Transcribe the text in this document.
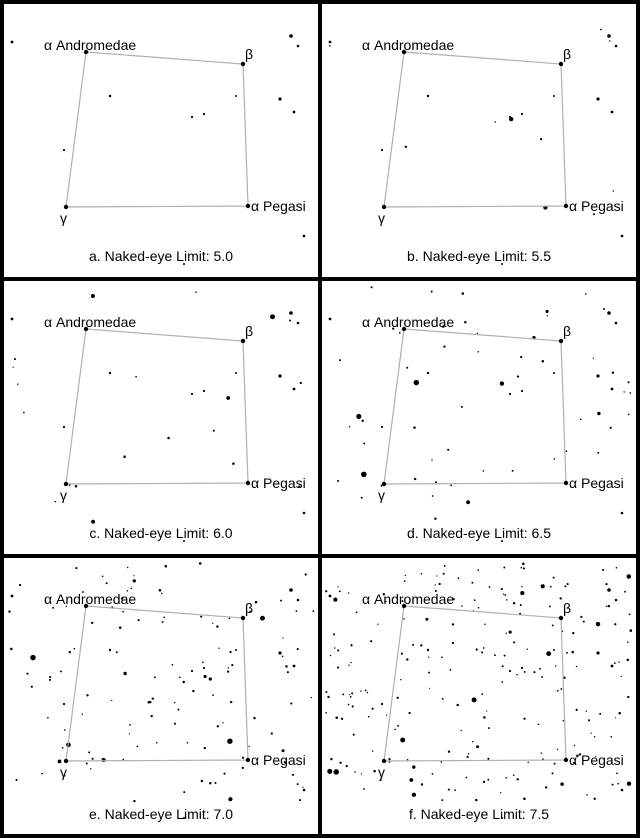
α Andromedae
β
α Pegasi
γ
a. Naked-eye Limit: 5.0
α Andromedae
β
α Pegasi
γ
b. Naked-eye Limit: 5.5
α Andromedae
β
α Pegasi
γ
c. Naked-eye Limit: 6.0
α Andromedae
β
α Pegasi
γ
d. Naked-eye Limit: 6.5
α Andromedae
β
α Pegasi
γ
e. Naked-eye Limit: 7.0
α Andromedae
β
α Pegasi
γ
f. Naked-eye Limit: 7.5
